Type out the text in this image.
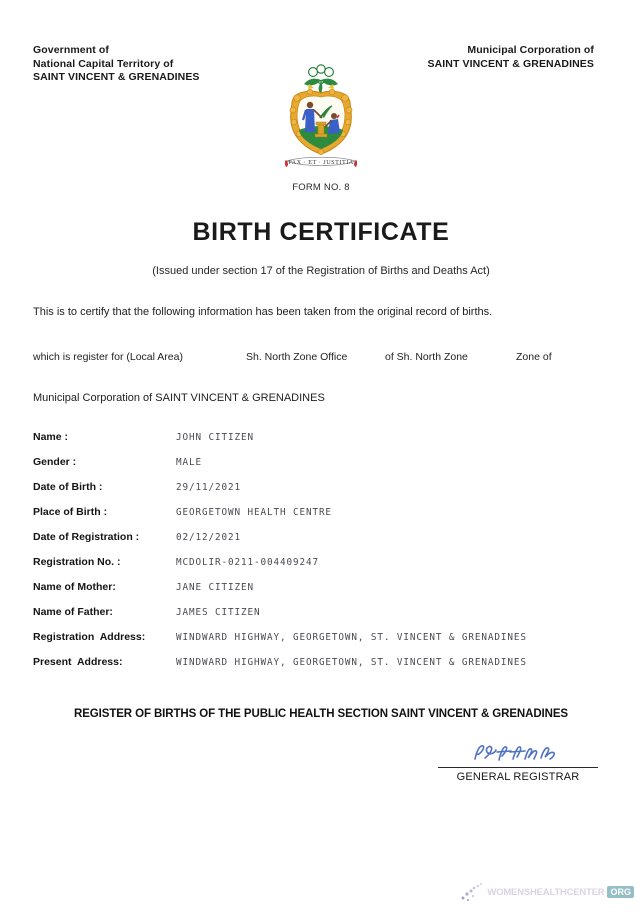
Government of
National Capital Territory of
SAINT VINCENT & GRENADINES
Municipal Corporation of
SAINT VINCENT & GRENADINES
PAX · ET · JUSTITIA
FORM NO. 8
BIRTH CERTIFICATE
(Issued under section 17 of the Registration of Births and Deaths Act)
This is to certify that the following information has been taken from the original record of births.
which is register for (Local Area)	Sh. North Zone Office	of Sh. North Zone	Zone of
Municipal Corporation of SAINT VINCENT & GRENADINES
Name :	JOHN CITIZEN
Gender :	MALE
Date of Birth :	29/11/2021
Place of Birth :	GEORGETOWN HEALTH CENTRE
Date of Registration :	02/12/2021
Registration No. :	MCDOLIR-0211-004409247
Name of Mother:	JANE CITIZEN
Name of Father:	JAMES CITIZEN
Registration  Address:	WINDWARD HIGHWAY, GEORGETOWN, ST. VINCENT & GRENADINES
Present  Address:	WINDWARD HIGHWAY, GEORGETOWN, ST. VINCENT & GRENADINES
REGISTER OF BIRTHS OF THE PUBLIC HEALTH SECTION SAINT VINCENT & GRENADINES
GENERAL REGISTRAR
WOMENSHEALTHCENTER ORG
